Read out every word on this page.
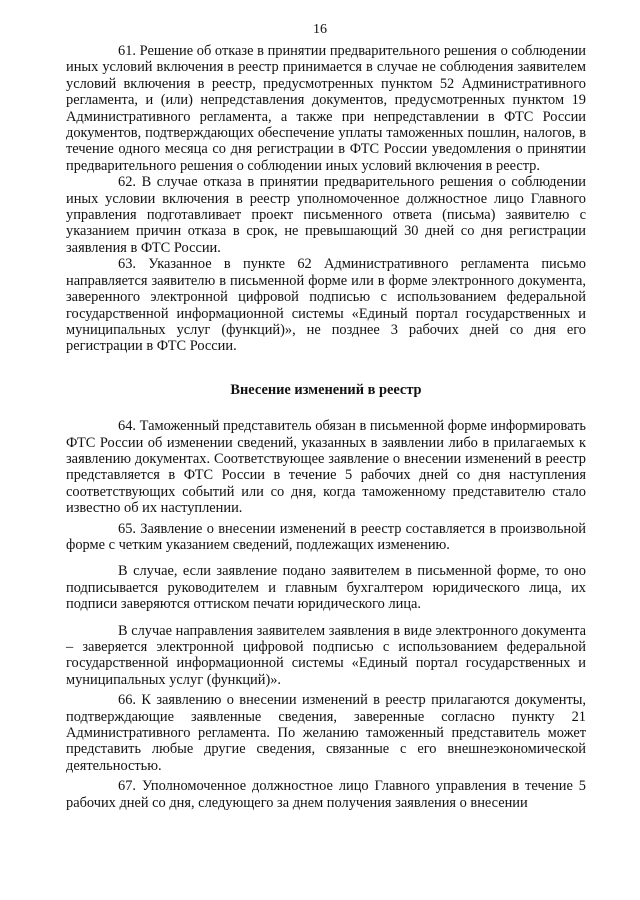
16

61. Решение об отказе в принятии предварительного решения о соблюдении иных условий включения в реестр принимается в случае не соблюдения заявителем условий включения в реестр, предусмотренных пунктом 52 Административного регламента, и (или) непредставления документов, предусмотренных пунктом 19 Административного регламента, а также при непредставлении в ФТС России документов, подтверждающих обеспечение уплаты таможенных пошлин, налогов, в течение одного месяца со дня регистрации в ФТС России уведомления о принятии предварительного решения о соблюдении иных условий включения в реестр.

62. В случае отказа в принятии предварительного решения о соблюдении иных условии включения в реестр уполномоченное должностное лицо Главного управления подготавливает проект письменного ответа (письма) заявителю с указанием причин отказа в срок, не превышающий 30 дней со дня регистрации заявления в ФТС России.

63. Указанное в пункте 62 Административного регламента письмо направляется заявителю в письменной форме или в форме электронного документа, заверенного электронной цифровой подписью с использованием федеральной государственной информационной системы «Единый портал государственных и муниципальных услуг (функций)», не позднее 3 рабочих дней со дня его регистрации в ФТС России.

Внесение изменений в реестр

64. Таможенный представитель обязан в письменной форме информировать ФТС России об изменении сведений, указанных в заявлении либо в прилагаемых к заявлению документах. Соответствующее заявление о внесении изменений в реестр представляется в ФТС России в течение 5 рабочих дней со дня наступления соответствующих событий или со дня, когда таможенному представителю стало известно об их наступлении.

65. Заявление о внесении изменений в реестр составляется в произвольной форме с четким указанием сведений, подлежащих изменению.

В случае, если заявление подано заявителем в письменной форме, то оно подписывается руководителем и главным бухгалтером юридического лица, их подписи заверяются оттиском печати юридического лица.

В случае направления заявителем заявления в виде электронного документа – заверяется электронной цифровой подписью с использованием федеральной государственной информационной системы «Единый портал государственных и муниципальных услуг (функций)».

66. К заявлению о внесении изменений в реестр прилагаются документы, подтверждающие заявленные сведения, заверенные согласно пункту 21 Административного регламента. По желанию таможенный представитель может представить любые другие сведения, связанные с его внешнеэкономической деятельностью.

67. Уполномоченное должностное лицо Главного управления в течение 5 рабочих дней со дня, следующего за днем получения заявления о внесении
